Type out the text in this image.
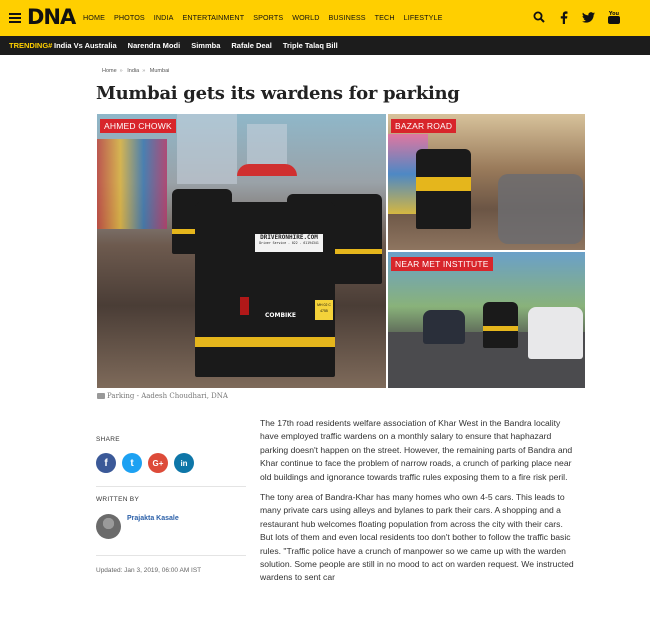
DNA HOME PHOTOS INDIA ENTERTAINMENT SPORTS WORLD BUSINESS TECH LIFESTYLE	You
TRENDING# India Vs Australia Narendra Modi Simmba Rafale Deal Triple Talaq Bill
Home » India » Mumbai
Mumbai gets its wardens for parking
DRIVERONHIRE.COM
Driver Service - 022 - 61194341
COMBIKE
MH 02 C
4755
AHMED CHOWK	BAZAR ROAD
NEAR MET INSTITUTE
Parking - Aadesh Choudhari, DNA
SHARE
f	t	G+	in
WRITTEN BY
Prajakta Kasale
Updated: Jan 3, 2019, 06:00 AM IST

The 17th road residents welfare association of Khar West in the Bandra locality have employed traffic wardens on a monthly salary to ensure that haphazard parking doesn't happen on the street. However, the remaining parts of Bandra and Khar continue to face the problem of narrow roads, a crunch of parking place near old buildings and ignorance towards traffic rules exposing them to a fire risk peril.

The tony area of Bandra-Khar has many homes who own 4-5 cars. This leads to many private cars using alleys and bylanes to park their cars. A shopping and a restaurant hub welcomes floating population from across the city with their cars. But lots of them and even local residents too don't bother to follow the traffic basic rules. "Traffic police have a crunch of manpower so we came up with the warden solution. Some people are still in no mood to act on warden request. We instructed wardens to sent car
